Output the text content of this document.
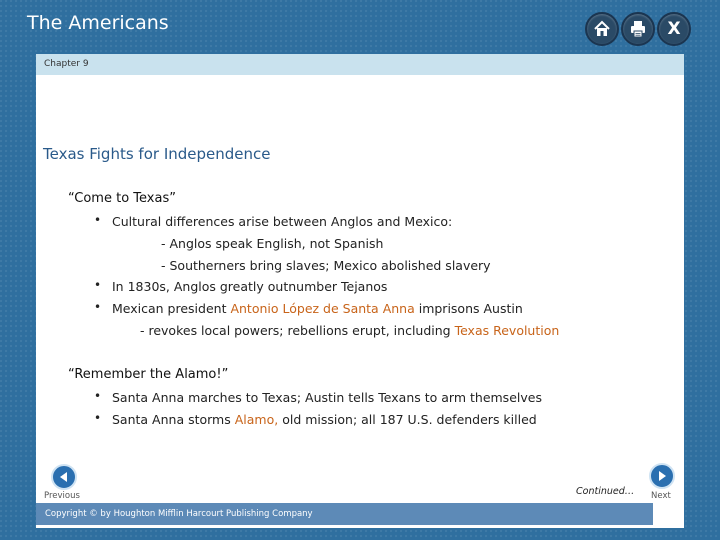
The Americans	X
Chapter 9
Texas Fights for Independence
“Come to Texas”
• Cultural differences arise between Anglos and Mexico:
- Anglos speak English, not Spanish
- Southerners bring slaves; Mexico abolished slavery
• In 1830s, Anglos greatly outnumber Tejanos
• Mexican president Antonio López de Santa Anna imprisons Austin
- revokes local powers; rebellions erupt, including Texas Revolution
“Remember the Alamo!”
• Santa Anna marches to Texas; Austin tells Texans to arm themselves
• Santa Anna storms Alamo, old mission; all 187 U.S. defenders killed
Previous	Continued… Next
Copyright © by Houghton Mifflin Harcourt Publishing Company
